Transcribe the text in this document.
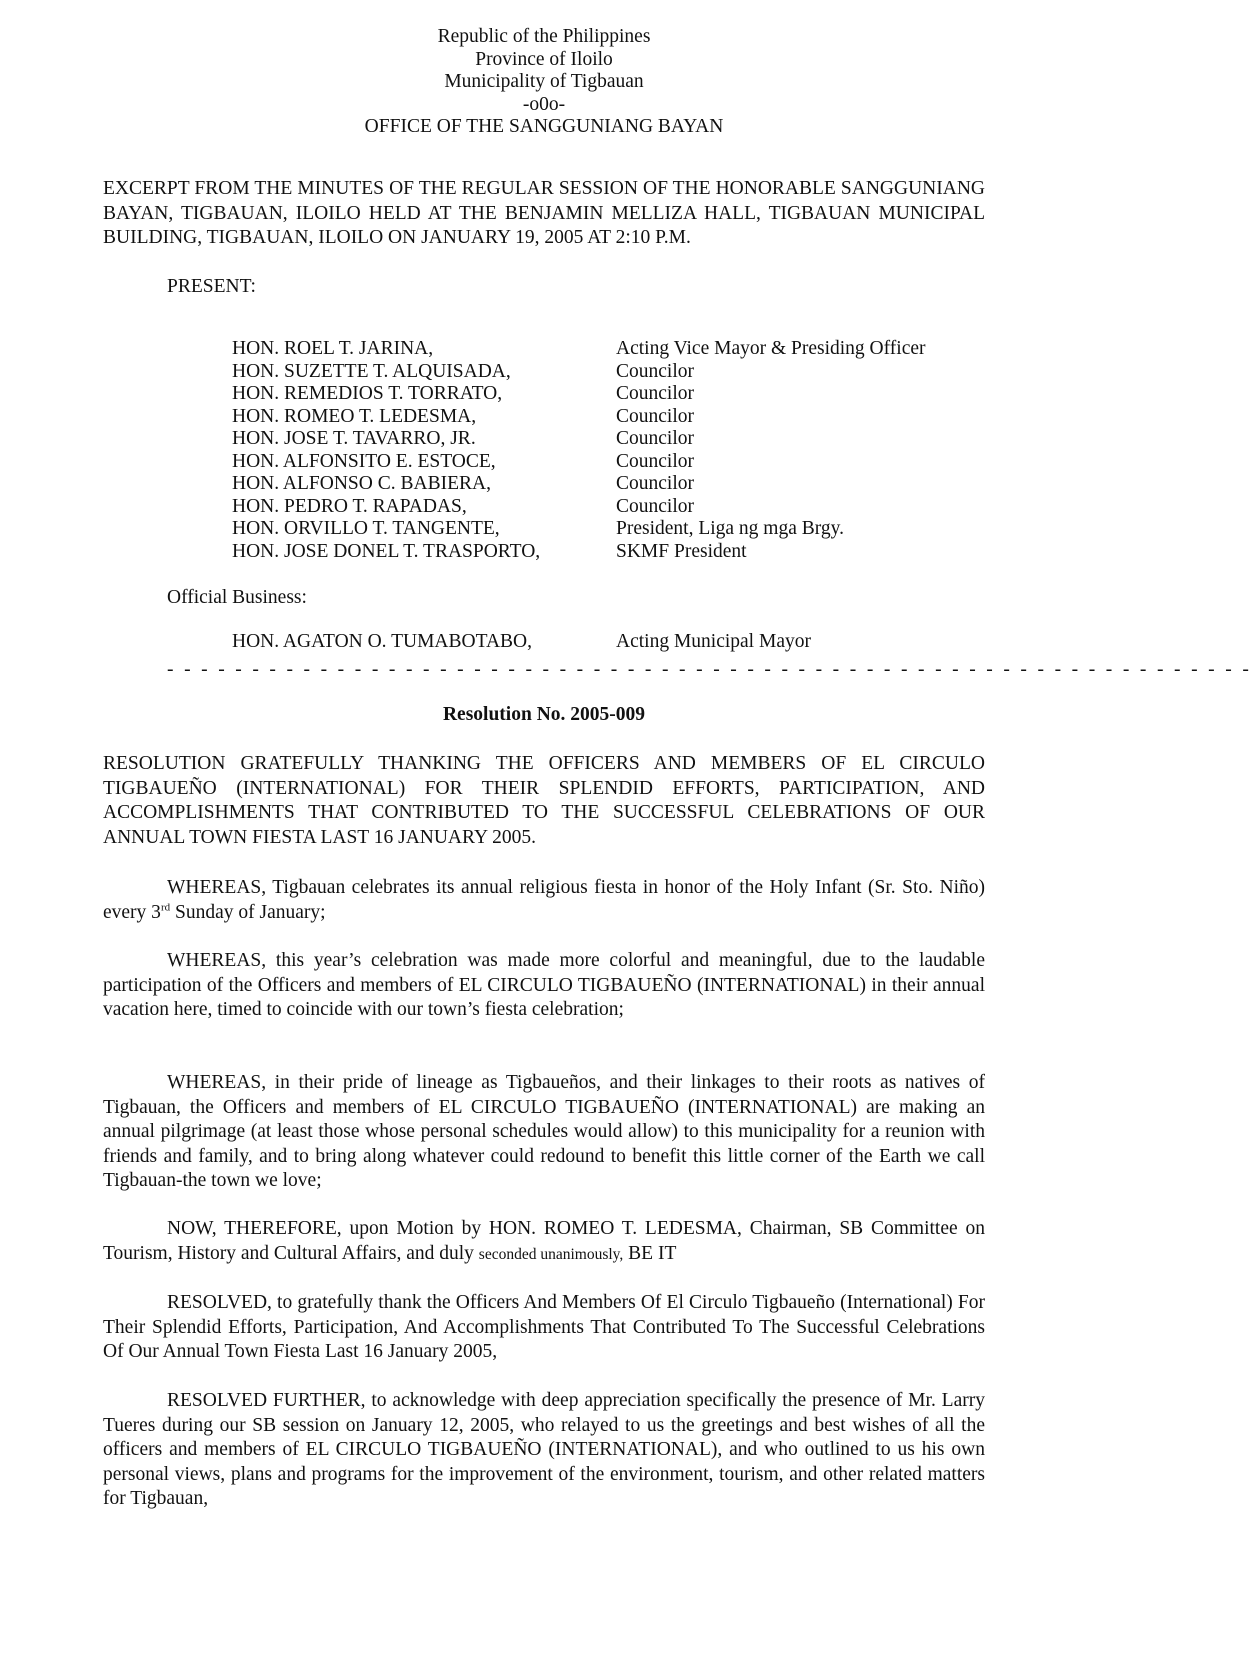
Republic of the Philippines
Province of Iloilo
Municipality of Tigbauan
-o0o-
OFFICE OF THE SANGGUNIANG BAYAN
EXCERPT FROM THE MINUTES OF THE REGULAR SESSION OF THE HONORABLE SANGGUNIANG BAYAN, TIGBAUAN, ILOILO HELD AT THE BENJAMIN MELLIZA HALL, TIGBAUAN MUNICIPAL BUILDING, TIGBAUAN, ILOILO ON JANUARY 19, 2005 AT 2:10 P.M.
PRESENT:
HON. ROEL T. JARINA,	Acting Vice Mayor & Presiding Officer
HON. SUZETTE T. ALQUISADA,	Councilor
HON. REMEDIOS T. TORRATO,	Councilor
HON. ROMEO T. LEDESMA,	Councilor
HON. JOSE T. TAVARRO, JR.	Councilor
HON. ALFONSITO E. ESTOCE,	Councilor
HON. ALFONSO C. BABIERA,	Councilor
HON. PEDRO T. RAPADAS,	Councilor
HON. ORVILLO T. TANGENTE,	President, Liga ng mga Brgy.
HON. JOSE DONEL T. TRASPORTO,	SKMF President
Official Business:
HON. AGATON O. TUMABOTABO,	Acting Municipal Mayor
- - - - - - - - - - - - - - - - - - - - - - - - - - - - - - - - - - - - - - - - - - - - - - - - - - - - - - - - - - - - - - - -
Resolution No. 2005-009
RESOLUTION GRATEFULLY THANKING THE OFFICERS AND MEMBERS OF EL CIRCULO TIGBAUEÑO (INTERNATIONAL) FOR THEIR SPLENDID EFFORTS, PARTICIPATION, AND ACCOMPLISHMENTS THAT CONTRIBUTED TO THE SUCCESSFUL CELEBRATIONS OF OUR ANNUAL TOWN FIESTA LAST 16 JANUARY 2005.
WHEREAS, Tigbauan celebrates its annual religious fiesta in honor of the Holy Infant (Sr. Sto. Niño) every 3rd Sunday of January;
WHEREAS, this year’s celebration was made more colorful and meaningful, due to the laudable participation of the Officers and members of EL CIRCULO TIGBAUEÑO (INTERNATIONAL) in their annual vacation here, timed to coincide with our town’s fiesta celebration;
WHEREAS, in their pride of lineage as Tigbaueños, and their linkages to their roots as natives of Tigbauan, the Officers and members of EL CIRCULO TIGBAUEÑO (INTERNATIONAL) are making an annual pilgrimage (at least those whose personal schedules would allow) to this municipality for a reunion with friends and family, and to bring along whatever could redound to benefit this little corner of the Earth we call Tigbauan-the town we love;
NOW, THEREFORE, upon Motion by HON. ROMEO T. LEDESMA, Chairman, SB Committee on Tourism, History and Cultural Affairs, and duly seconded unanimously, BE IT
RESOLVED, to gratefully thank the Officers And Members Of El Circulo Tigbaueño (International) For Their Splendid Efforts, Participation, And Accomplishments That Contributed To The Successful Celebrations Of Our Annual Town Fiesta Last 16 January 2005,
RESOLVED FURTHER, to acknowledge with deep appreciation specifically the presence of Mr. Larry Tueres during our SB session on January 12, 2005, who relayed to us the greetings and best wishes of all the officers and members of EL CIRCULO TIGBAUEÑO (INTERNATIONAL), and who outlined to us his own personal views, plans and programs for the improvement of the environment, tourism, and other related matters for Tigbauan,
